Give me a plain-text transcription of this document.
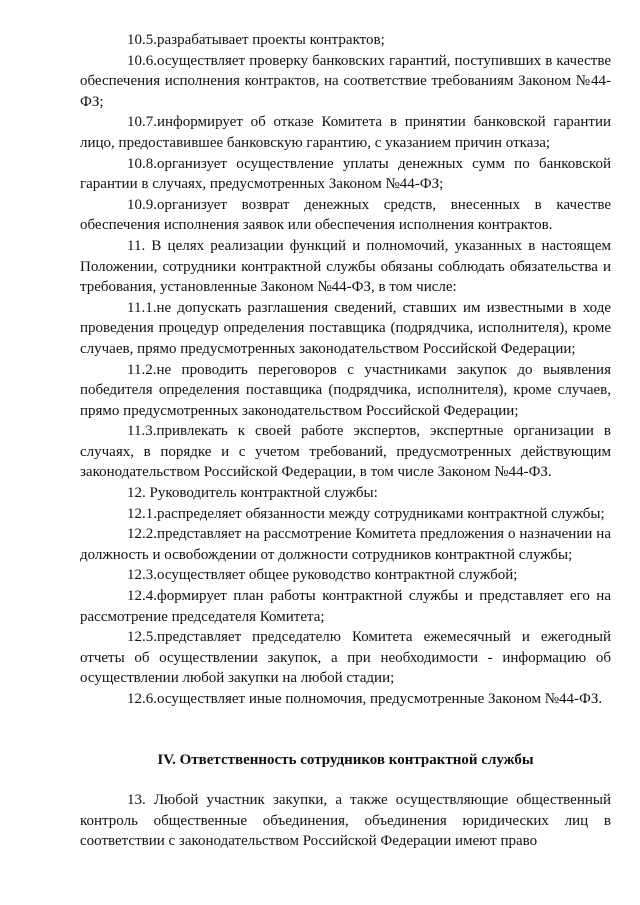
10.5.разрабатывает проекты контрактов;

10.6.осуществляет проверку банковских гарантий, поступивших в качестве обеспечения исполнения контрактов, на соответствие требованиям Законом №44-ФЗ;

10.7.информирует об отказе Комитета в принятии банковской гарантии лицо, предоставившее банковскую гарантию, с указанием причин отказа;

10.8.организует осуществление уплаты денежных сумм по банковской гарантии в случаях, предусмотренных Законом №44-ФЗ;

10.9.организует возврат денежных средств, внесенных в качестве обеспечения исполнения заявок или обеспечения исполнения контрактов.

11. В целях реализации функций и полномочий, указанных в настоящем Положении, сотрудники контрактной службы обязаны соблюдать обязательства и требования, установленные Законом №44-ФЗ, в том числе:

11.1.не допускать разглашения сведений, ставших им известными в ходе проведения процедур определения поставщика (подрядчика, исполнителя), кроме случаев, прямо предусмотренных законодательством Российской Федерации;

11.2.не проводить переговоров с участниками закупок до выявления победителя определения поставщика (подрядчика, исполнителя), кроме случаев, прямо предусмотренных законодательством Российской Федерации;

11.3.привлекать к своей работе экспертов, экспертные организации в случаях, в порядке и с учетом требований, предусмотренных действующим законодательством Российской Федерации, в том числе Законом №44-ФЗ.

12. Руководитель контрактной службы:

12.1.распределяет обязанности между сотрудниками контрактной службы;

12.2.представляет на рассмотрение Комитета предложения о назначении на должность и освобождении от должности сотрудников контрактной службы;

12.3.осуществляет общее руководство контрактной службой;

12.4.формирует план работы контрактной службы и представляет его на рассмотрение председателя Комитета;

12.5.представляет председателю Комитета ежемесячный и ежегодный отчеты об осуществлении закупок, а при необходимости - информацию об осуществлении любой закупки на любой стадии;

12.6.осуществляет иные полномочия, предусмотренные Законом №44-ФЗ.

IV. Ответственность сотрудников контрактной службы

13. Любой участник закупки, а также осуществляющие общественный контроль общественные объединения, объединения юридических лиц в соответствии с законодательством Российской Федерации имеют право
